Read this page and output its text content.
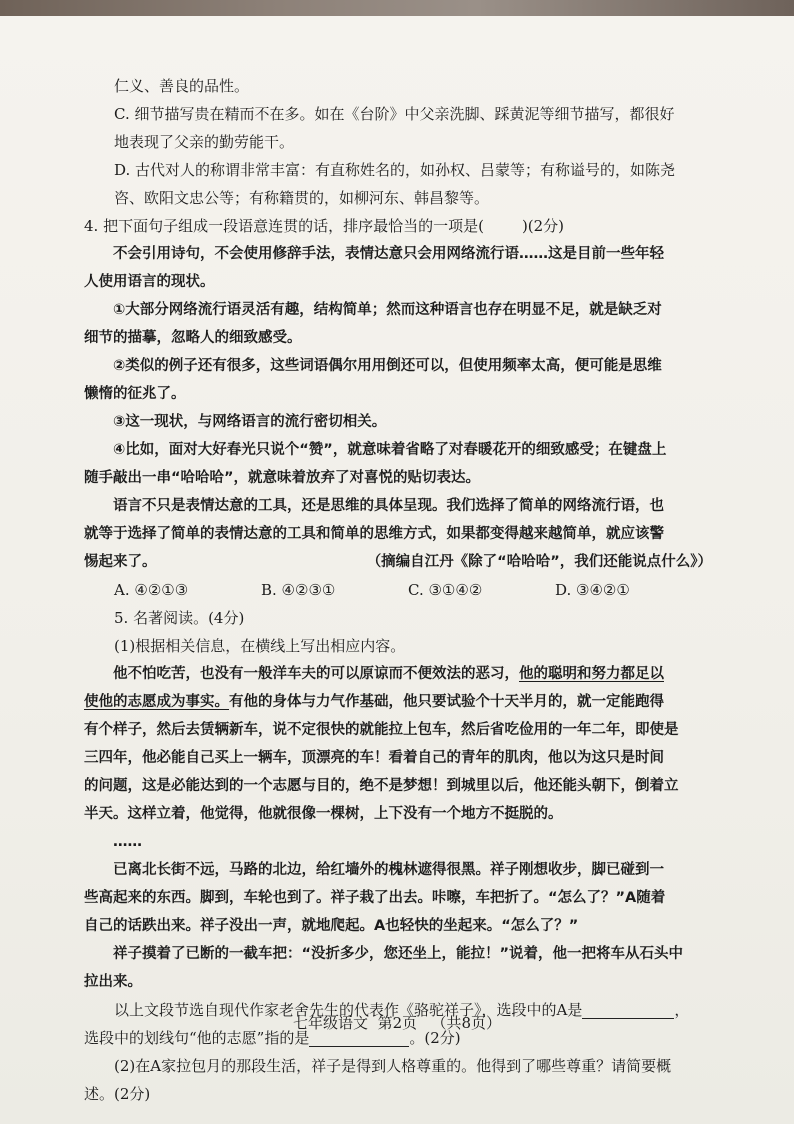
仁义、善良的品性。
C. 细节描写贵在精而不在多。如在《台阶》中父亲洗脚、踩黄泥等细节描写，都很好
地表现了父亲的勤劳能干。
D. 古代对人的称谓非常丰富：有直称姓名的，如孙权、吕蒙等；有称谥号的，如陈尧
咨、欧阳文忠公等；有称籍贯的，如柳河东、韩昌黎等。
4. 把下面句子组成一段语意连贯的话，排序最恰当的一项是(	)(2分)
不会引用诗句，不会使用修辞手法，表情达意只会用网络流行语……这是目前一些年轻
人使用语言的现状。
①大部分网络流行语灵活有趣，结构简单；然而这种语言也存在明显不足，就是缺乏对
细节的描摹，忽略人的细致感受。
②类似的例子还有很多，这些词语偶尔用用倒还可以，但使用频率太高，便可能是思维
懒惰的征兆了。
③这一现状，与网络语言的流行密切相关。
④比如，面对大好春光只说个“赞”，就意味着省略了对春暖花开的细致感受；在键盘上
随手敲出一串“哈哈哈”，就意味着放弃了对喜悦的贴切表达。
语言不只是表情达意的工具，还是思维的具体呈现。我们选择了简单的网络流行语，也
就等于选择了简单的表情达意的工具和简单的思维方式，如果都变得越来越简单，就应该警
惕起来了。	（摘编自江丹《除了“哈哈哈”，我们还能说点什么》）
A. ④②①③	B. ④②③①	C. ③①④②	D. ③④②①
5. 名著阅读。(4分)
(1)根据相关信息，在横线上写出相应内容。
他不怕吃苦，也没有一般洋车夫的可以原谅而不便效法的恶习，他的聪明和努力都足以
使他的志愿成为事实。有他的身体与力气作基础，他只要试验个十天半月的，就一定能跑得
有个样子，然后去赁辆新车，说不定很快的就能拉上包车，然后省吃俭用的一年二年，即使是
三四年，他必能自己买上一辆车，顶漂亮的车！看着自己的青年的肌肉，他以为这只是时间
的问题，这是必能达到的一个志愿与目的，绝不是梦想！到城里以后，他还能头朝下，倒着立
半天。这样立着，他觉得，他就很像一棵树，上下没有一个地方不挺脱的。
……
已离北长街不远，马路的北边，给红墙外的槐林遮得很黑。祥子刚想收步，脚已碰到一
些高起来的东西。脚到，车轮也到了。祥子栽了出去。咔嚓，车把折了。“怎么了？”A随着
自己的话跌出来。祥子没出一声，就地爬起。A也轻快的坐起来。“怎么了？”
祥子摸着了已断的一截车把：“没折多少，您还坐上，能拉！”说着，他一把将车从石头中
拉出来。
以上文段节选自现代作家老舍先生的代表作《骆驼祥子》，选段中的A是	，
选段中的划线句“他的志愿”指的是	。(2分)
(2)在A家拉包月的那段生活，祥子是得到人格尊重的。他得到了哪些尊重？请简要概
述。(2分)
七年级语文 第2页 （共8页）
